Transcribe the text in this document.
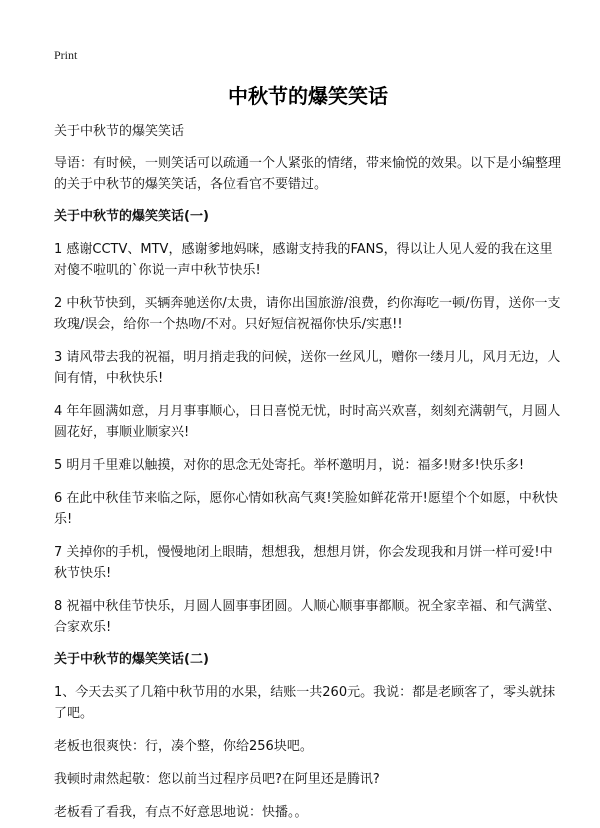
Print
中秋节的爆笑笑话
关于中秋节的爆笑笑话
导语：有时候，一则笑话可以疏通一个人紧张的情绪，带来愉悦的效果。以下是小编整理的关于中秋节的爆笑笑话，各位看官不要错过。
关于中秋节的爆笑笑话(一)
1 感谢CCTV、MTV，感谢爹地妈咪，感谢支持我的FANS，得以让人见人爱的我在这里对傻不啦叽的`你说一声中秋节快乐!
2 中秋节快到，买辆奔驰送你/太贵，请你出国旅游/浪费，约你海吃一顿/伤胃，送你一支玫瑰/误会，给你一个热吻/不对。只好短信祝福你快乐/实惠!!
3 请风带去我的祝福，明月捎走我的问候，送你一丝风儿，赠你一缕月儿，风月无边，人间有情，中秋快乐!
4 年年圆满如意，月月事事顺心，日日喜悦无忧，时时高兴欢喜，刻刻充满朝气，月圆人圆花好，事顺业顺家兴!
5 明月千里难以触摸，对你的思念无处寄托。举杯邀明月，说：福多!财多!快乐多!
6 在此中秋佳节来临之际，愿你心情如秋高气爽!笑脸如鲜花常开!愿望个个如愿，中秋快乐!
7 关掉你的手机，慢慢地闭上眼睛，想想我，想想月饼，你会发现我和月饼一样可爱!中秋节快乐!
8 祝福中秋佳节快乐，月圆人圆事事团圆。人顺心顺事事都顺。祝全家幸福、和气满堂、合家欢乐!
关于中秋节的爆笑笑话(二)
1、今天去买了几箱中秋节用的水果，结账一共260元。我说：都是老顾客了，零头就抹了吧。
老板也很爽快：行，凑个整，你给256块吧。
我顿时肃然起敬：您以前当过程序员吧?在阿里还是腾讯?
老板看了看我，有点不好意思地说：快播。。
